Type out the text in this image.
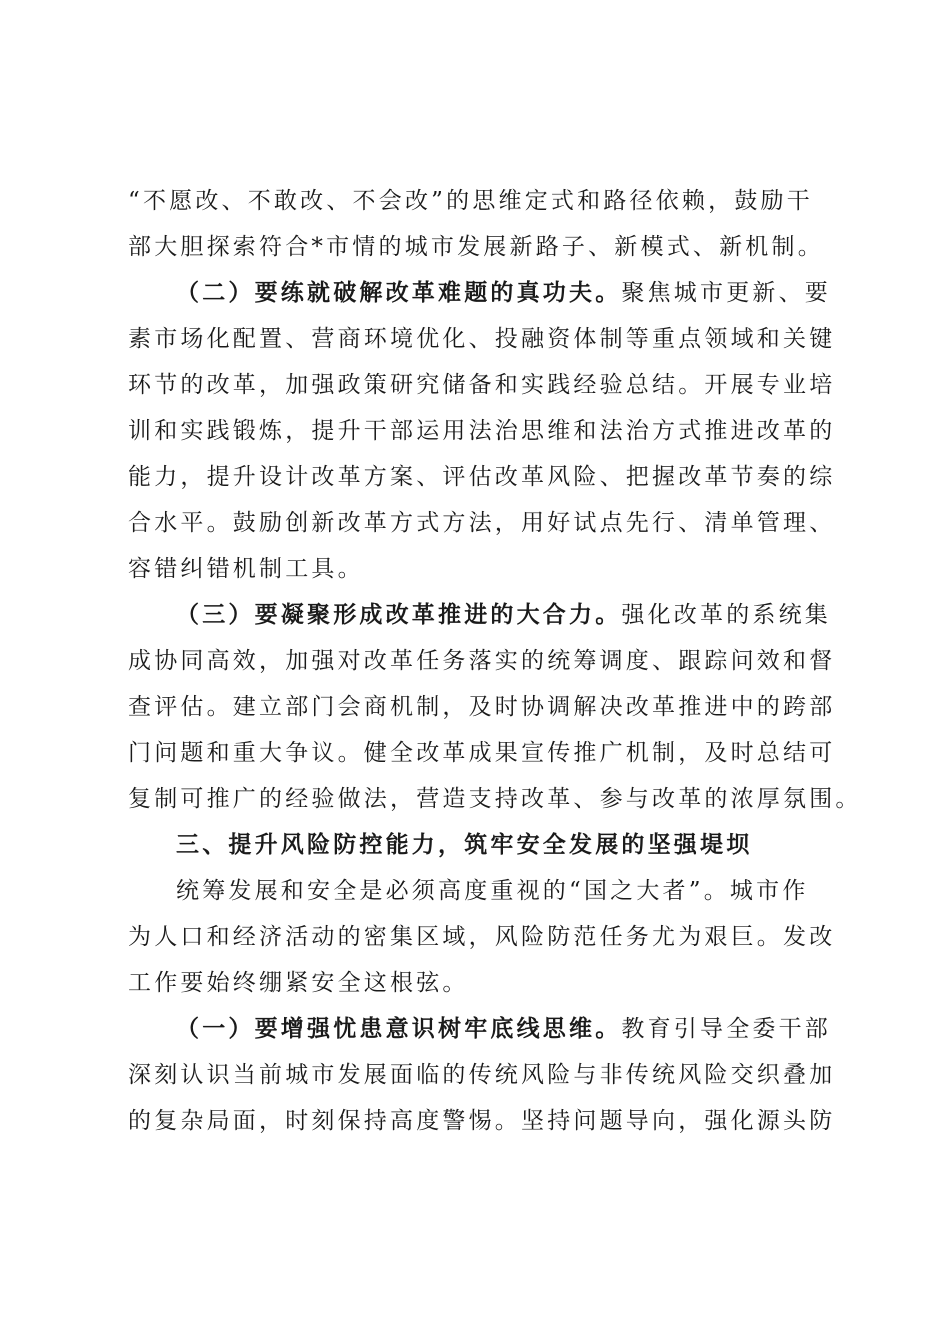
“不愿改、不敢改、不会改”的思维定式和路径依赖，鼓励干
部大胆探索符合*市情的城市发展新路子、新模式、新机制。
（二）要练就破解改革难题的真功夫。聚焦城市更新、要
素市场化配置、营商环境优化、投融资体制等重点领域和关键
环节的改革，加强政策研究储备和实践经验总结。开展专业培
训和实践锻炼，提升干部运用法治思维和法治方式推进改革的
能力，提升设计改革方案、评估改革风险、把握改革节奏的综
合水平。鼓励创新改革方式方法，用好试点先行、清单管理、
容错纠错机制工具。
（三）要凝聚形成改革推进的大合力。强化改革的系统集
成协同高效，加强对改革任务落实的统筹调度、跟踪问效和督
查评估。建立部门会商机制，及时协调解决改革推进中的跨部
门问题和重大争议。健全改革成果宣传推广机制，及时总结可
复制可推广的经验做法，营造支持改革、参与改革的浓厚氛围。
三、提升风险防控能力，筑牢安全发展的坚强堤坝
统筹发展和安全是必须高度重视的“国之大者”。城市作
为人口和经济活动的密集区域，风险防范任务尤为艰巨。发改
工作要始终绷紧安全这根弦。
（一）要增强忧患意识树牢底线思维。教育引导全委干部
深刻认识当前城市发展面临的传统风险与非传统风险交织叠加
的复杂局面，时刻保持高度警惕。坚持问题导向，强化源头防
